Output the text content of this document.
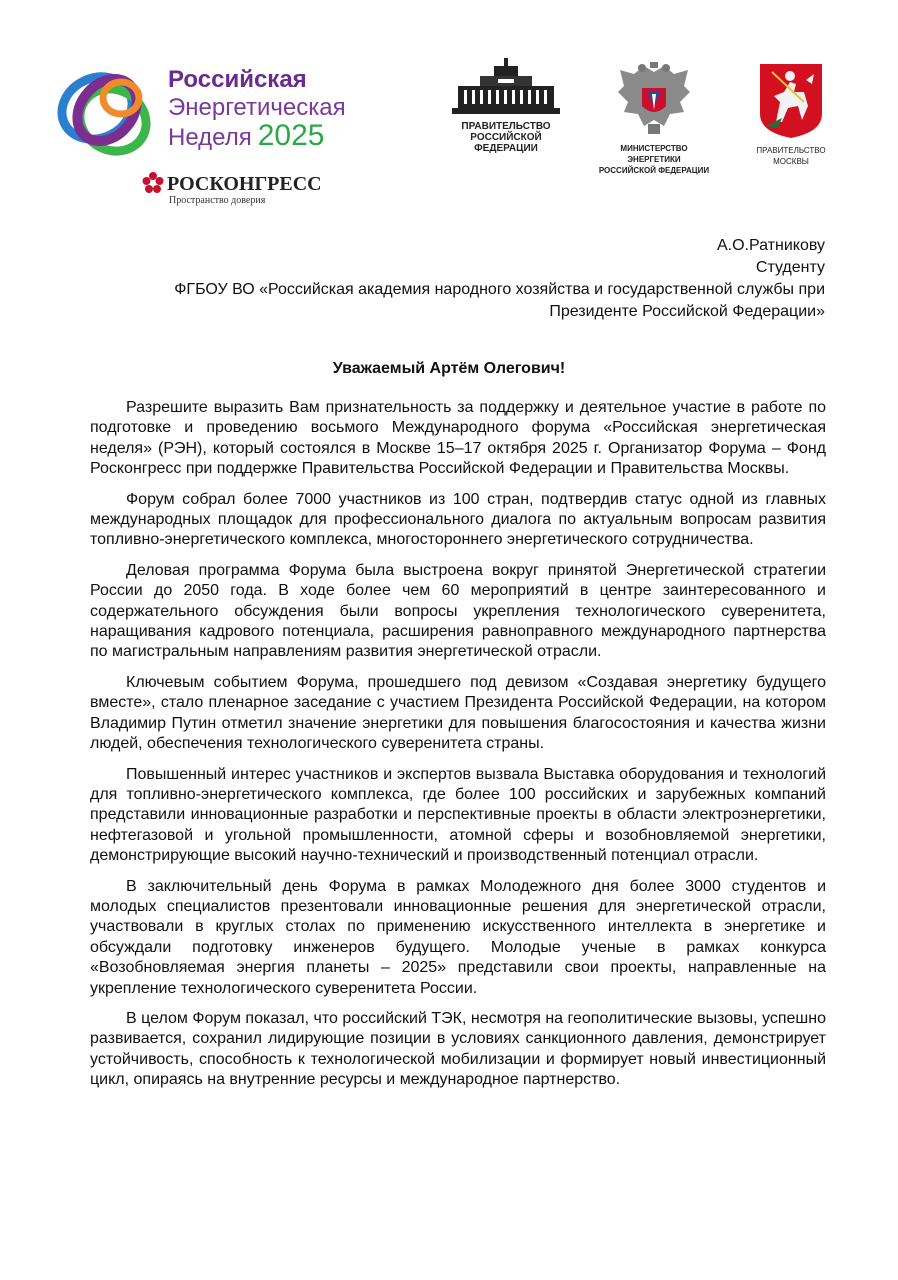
Российская
Энергетическая
Неделя 2025
РОСКОНГРЕСС
Пространство доверия
ПРАВИТЕЛЬСТВО
РОССИЙСКОЙ
ФЕДЕРАЦИИ	МИНИСТЕРСТВО ЭНЕРГЕТИКИ
РОССИЙСКОЙ ФЕДЕРАЦИИ
ПРАВИТЕЛЬСТВО МОСКВЫ
А.О.Ратникову
Студенту
ФГБОУ ВО «Российская академия народного хозяйства и государственной службы при
Президенте Российской Федерации»
Уважаемый Артём Олегович!

Разрешите выразить Вам признательность за поддержку и деятельное участие в работе по подготовке и проведению восьмого Международного форума «Российская энергетическая неделя» (РЭН), который состоялся в Москве 15–17 октября 2025 г. Организатор Форума – Фонд Росконгресс при поддержке Правительства Российской Федерации и Правительства Москвы.

Форум собрал более 7000 участников из 100 стран, подтвердив статус одной из главных международных площадок для профессионального диалога по актуальным вопросам развития топливно-энергетического комплекса, многостороннего энергетического сотрудничества.

Деловая программа Форума была выстроена вокруг принятой Энергетической стратегии России до 2050 года. В ходе более чем 60 мероприятий в центре заинтересованного и содержательного обсуждения были вопросы укрепления технологического суверенитета, наращивания кадрового потенциала, расширения равноправного международного партнерства по магистральным направлениям развития энергетической отрасли.

Ключевым событием Форума, прошедшего под девизом «Создавая энергетику будущего вместе», стало пленарное заседание с участием Президента Российской Федерации, на котором Владимир Путин отметил значение энергетики для повышения благосостояния и качества жизни людей, обеспечения технологического суверенитета страны.

Повышенный интерес участников и экспертов вызвала Выставка оборудования и технологий для топливно-энергетического комплекса, где более 100 российских и зарубежных компаний представили инновационные разработки и перспективные проекты в области электроэнергетики, нефтегазовой и угольной промышленности, атомной сферы и возобновляемой энергетики, демонстрирующие высокий научно-технический и производственный потенциал отрасли.

В заключительный день Форума в рамках Молодежного дня более 3000 студентов и молодых специалистов презентовали инновационные решения для энергетической отрасли, участвовали в круглых столах по применению искусственного интеллекта в энергетике и обсуждали подготовку инженеров будущего. Молодые ученые в рамках конкурса «Возобновляемая энергия планеты – 2025» представили свои проекты, направленные на укрепление технологического суверенитета России.

В целом Форум показал, что российский ТЭК, несмотря на геополитические вызовы, успешно развивается, сохранил лидирующие позиции в условиях санкционного давления, демонстрирует устойчивость, способность к технологической мобилизации и формирует новый инвестиционный цикл, опираясь на внутренние ресурсы и международное партнерство.
